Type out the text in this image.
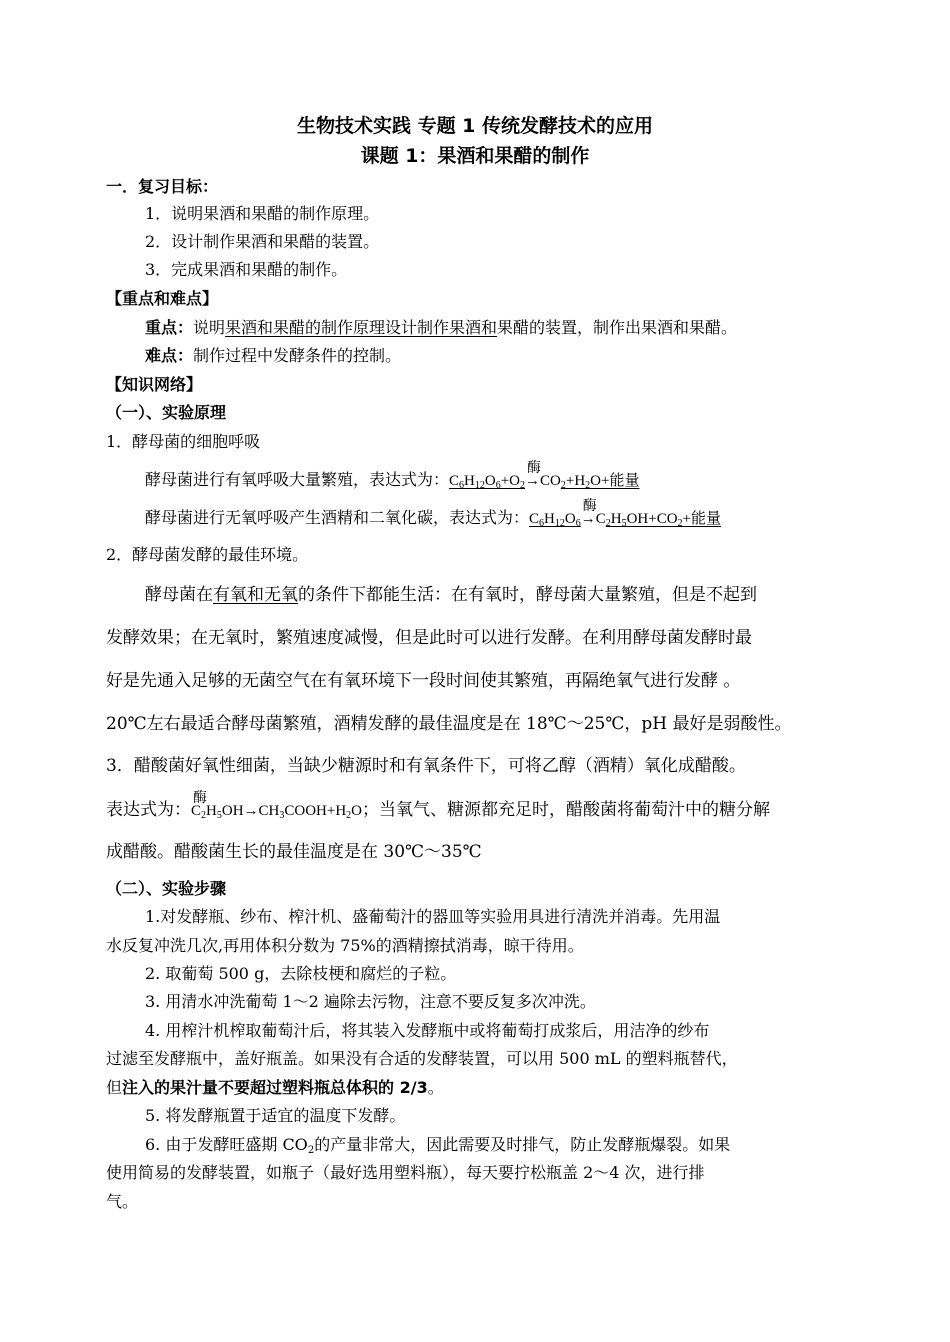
生物技术实践 专题 1 传统发酵技术的应用
课题 1：果酒和果醋的制作
一．复习目标：
1．说明果酒和果醋的制作原理。
2．设计制作果酒和果醋的装置。
3．完成果酒和果醋的制作。
【重点和难点】
重点：说明果酒和果醋的制作原理设计制作果酒和果醋的装置，制作出果酒和果醋。
难点：制作过程中发酵条件的控制。
【知识网络】
（一）、实验原理
1．酵母菌的细胞呼吸
酵母菌进行有氧呼吸大量繁殖，表达式为：$C_6H_{12}O_6+O_2$
酶
$\to CO_2+H_2O+$能量
酵母菌进行无氧呼吸产生酒精和二氧化碳，表达式为：$C_6H_{12}O_6$
酶
$\to C_2H_5OH+CO_2+$能量
2．酵母菌发酵的最佳环境。
酵母菌在有氧和无氧的条件下都能生活：在有氧时，酵母菌大量繁殖，但是不起到
发酵效果；在无氧时，繁殖速度减慢，但是此时可以进行发酵。在利用酵母菌发酵时最
好是先通入足够的无菌空气在有氧环境下一段时间使其繁殖，再隔绝氧气进行发酵 。
20℃左右最适合酵母菌繁殖，酒精发酵的最佳温度是在 18℃～25℃，pH 最好是弱酸性。
3．醋酸菌好氧性细菌，当缺少糖源时和有氧条件下，可将乙醇（酒精）氧化成醋酸。
表达式为：
酶
$C_2H_5OH\to CH_3COOH+H_2O$；当氧气、糖源都充足时，醋酸菌将葡萄汁中的糖分解
成醋酸。醋酸菌生长的最佳温度是在 30℃～35℃
（二）、实验步骤
1.对发酵瓶、纱布、榨汁机、盛葡萄汁的器皿等实验用具进行清洗并消毒。先用温
水反复冲洗几次,再用体积分数为 75%的酒精擦拭消毒，晾干待用。
2. 取葡萄 500 g，去除枝梗和腐烂的子粒。
3. 用清水冲洗葡萄 1～2 遍除去污物，注意不要反复多次冲洗。
4. 用榨汁机榨取葡萄汁后，将其装入发酵瓶中或将葡萄打成浆后，用洁净的纱布
过滤至发酵瓶中，盖好瓶盖。如果没有合适的发酵装置，可以用 500 mL 的塑料瓶替代，
但注入的果汁量不要超过塑料瓶总体积的 2/3。
5. 将发酵瓶置于适宜的温度下发酵。
6. 由于发酵旺盛期 $CO_2$的产量非常大，因此需要及时排气，防止发酵瓶爆裂。如果
使用简易的发酵装置，如瓶子（最好选用塑料瓶），每天要拧松瓶盖 2～4 次，进行排
气。
